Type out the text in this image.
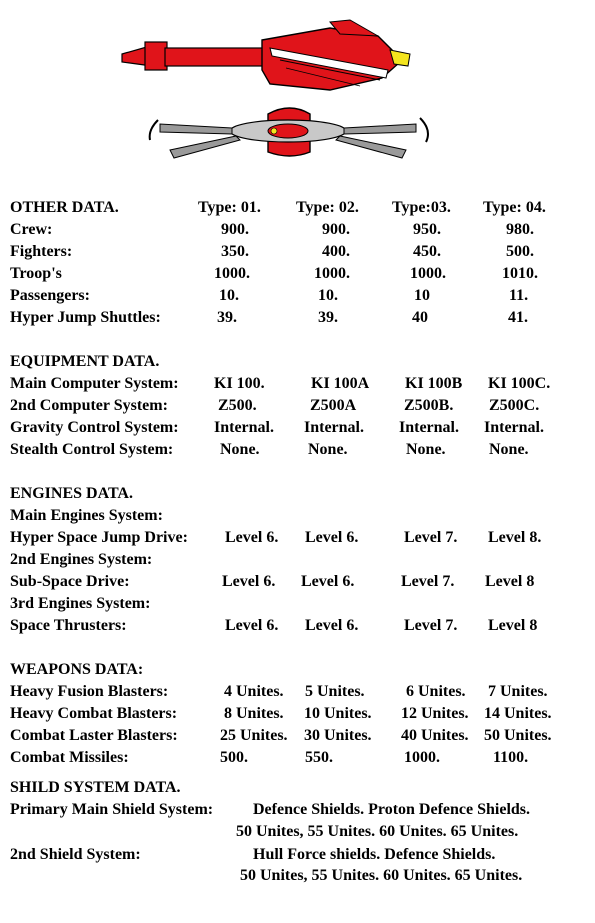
OTHER DATA.	Type: 01. Type: 02. Type:03. Type: 04.
Crew:	900.	900.	950.	980.
Fighters:	350.	400.	450.	500.
Troop's	1000.	1000.	1000.	1010.
Passengers:	10.	10.	10	11.
Hyper Jump Shuttles:	39.	39.	40	41.
EQUIPMENT DATA.
Main Computer System: KI 100.	KI 100A KI 100B KI 100C.
2nd Computer System:	Z500.	Z500A	Z500B. Z500C.
Gravity Control System: Internal. Internal. Internal. Internal.
Stealth Control System:	None.	None.	None.	None.
ENGINES DATA.
Main Engines System:
Hyper Space Jump Drive: Level 6. Level 6.	Level 7. Level 8.
2nd Engines System:
Sub-Space Drive:	Level 6. Level 6.	Level 7. Level 8
3rd Engines System:
Space Thrusters:	Level 6. Level 6.	Level 7. Level 8
WEAPONS DATA:
Heavy Fusion Blasters:	4 Unites. 5 Unites.	6 Unites. 7 Unites.
Heavy Combat Blasters:	8 Unites. 10 Unites. 12 Unites. 14 Unites.
Combat Laster Blasters:	25 Unites. 30 Unites. 40 Unites. 50 Unites.
Combat Missiles:	500.	550.	1000.	1100.
SHILD SYSTEM DATA.
Primary Main Shield System: Defence Shields. Proton Defence Shields.
50 Unites, 55 Unites. 60 Unites. 65 Unites.
2nd Shield System:	Hull Force shields. Defence Shields.
50 Unites, 55 Unites. 60 Unites. 65 Unites.
